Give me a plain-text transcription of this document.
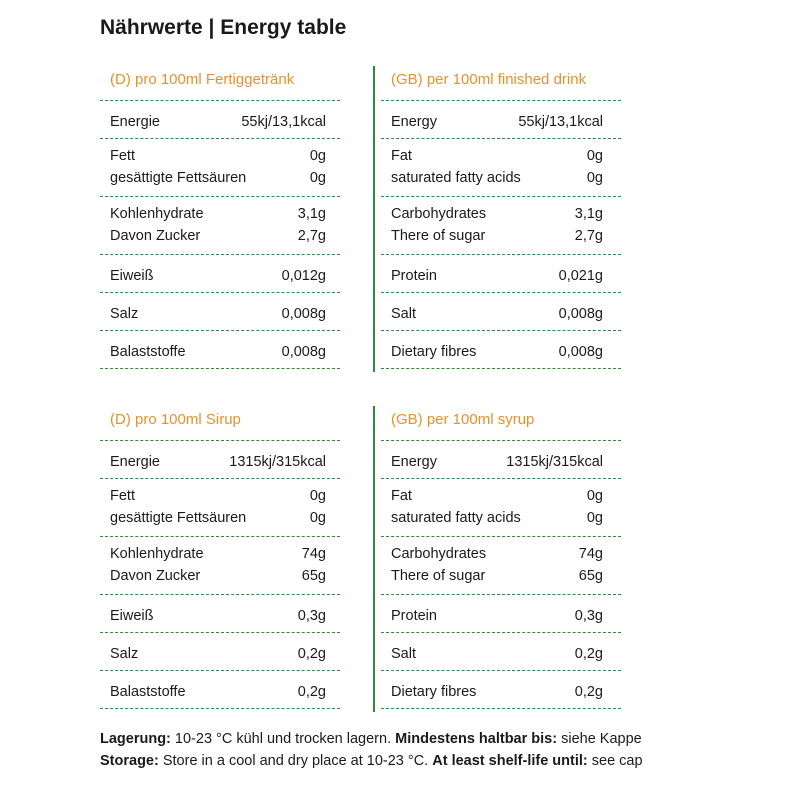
Nährwerte | Energy table
(D) pro 100ml Fertiggetränk
Energie	55kj/13,1kcal
Fett	0g
gesättigte Fettsäuren	0g
Kohlenhydrate	3,1g
Davon Zucker	2,7g
Eiweiß	0,012g
Salz	0,008g
Balaststoffe	0,008g
(GB) per 100ml finished drink
Energy	55kj/13,1kcal
Fat	0g
saturated fatty acids	0g
Carbohydrates	3,1g
There of sugar	2,7g
Protein	0,021g
Salt	0,008g
Dietary fibres	0,008g
(D) pro 100ml Sirup
Energie	1315kj/315kcal
Fett	0g
gesättigte Fettsäuren	0g
Kohlenhydrate	74g
Davon Zucker	65g
Eiweiß	0,3g
Salz	0,2g
Balaststoffe	0,2g
(GB) per 100ml syrup
Energy	1315kj/315kcal
Fat	0g
saturated fatty acids	0g
Carbohydrates	74g
There of sugar	65g
Protein	0,3g
Salt	0,2g
Dietary fibres	0,2g
Lagerung: 10-23 °C kühl und trocken lagern. Mindestens haltbar bis: siehe Kappe
Storage: Store in a cool and dry place at 10-23 °C. At least shelf-life until: see cap
